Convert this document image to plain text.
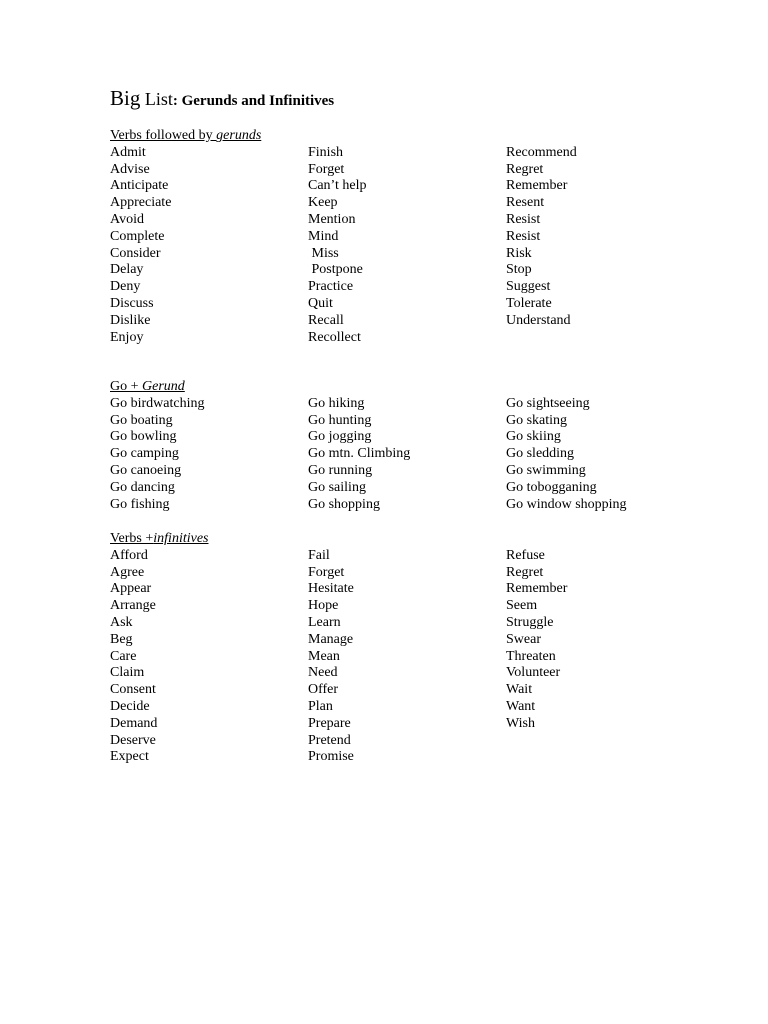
Big List: Gerunds and Infinitives
Verbs followed by gerunds
Admit
Advise
Anticipate
Appreciate
Avoid
Complete
Consider
Delay
Deny
Discuss
Dislike
Enjoy
Finish
Forget
Can’t help
Keep
Mention
Mind
Miss
Postpone
Practice
Quit
Recall
Recollect
Recommend
Regret
Remember
Resent
Resist
Resist
Risk
Stop
Suggest
Tolerate
Understand
Go + Gerund
Go birdwatching
Go boating
Go bowling
Go camping
Go canoeing
Go dancing
Go fishing
Go hiking
Go hunting
Go jogging
Go mtn. Climbing
Go running
Go sailing
Go shopping
Go sightseeing
Go skating
Go skiing
Go sledding
Go swimming
Go tobogganing
Go window shopping
Verbs +infinitives
Afford
Agree
Appear
Arrange
Ask
Beg
Care
Claim
Consent
Decide
Demand
Deserve
Expect
Fail
Forget
Hesitate
Hope
Learn
Manage
Mean
Need
Offer
Plan
Prepare
Pretend
Promise
Refuse
Regret
Remember
Seem
Struggle
Swear
Threaten
Volunteer
Wait
Want
Wish
